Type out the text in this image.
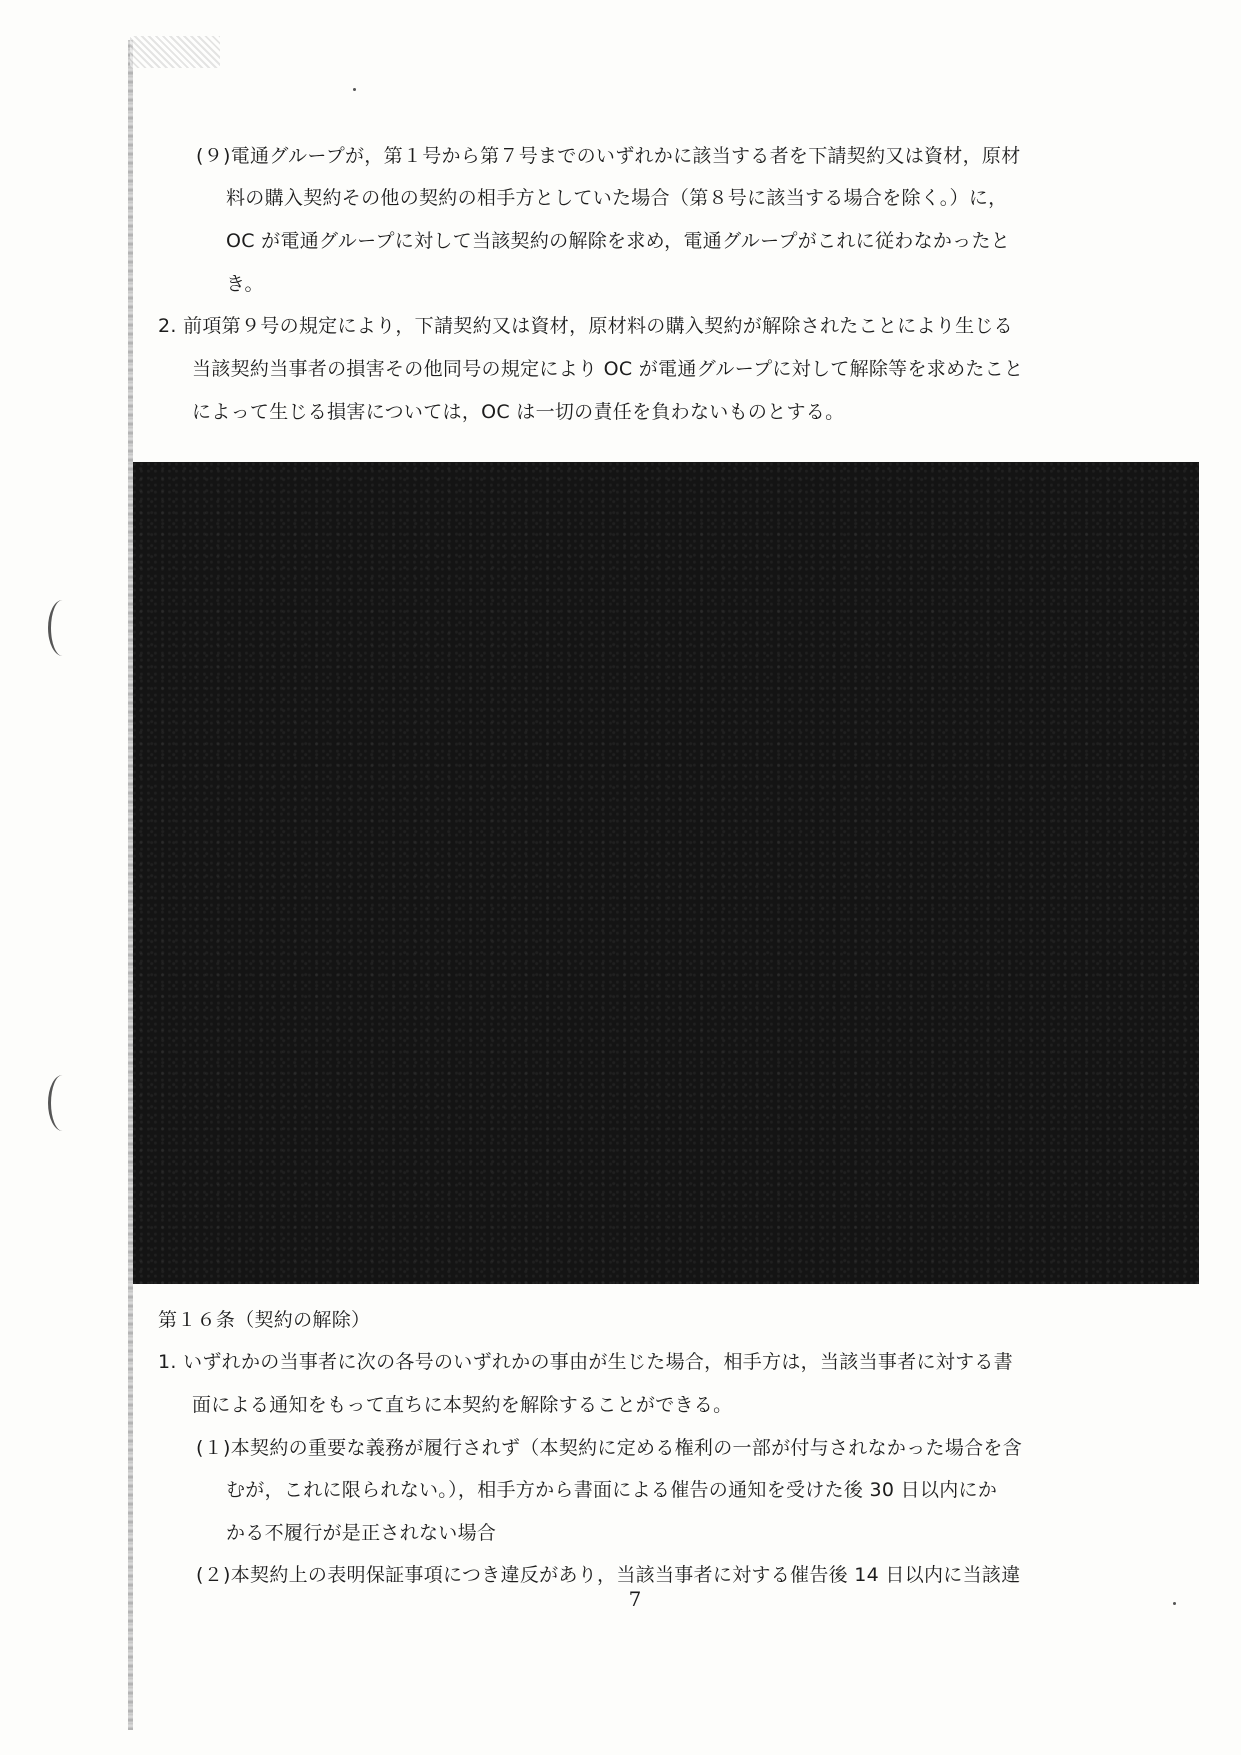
(９)電通グループが，第１号から第７号までのいずれかに該当する者を下請契約又は資材，原材
料の購入契約その他の契約の相手方としていた場合（第８号に該当する場合を除く。）に，
OC が電通グループに対して当該契約の解除を求め，電通グループがこれに従わなかったと
き。
2. 前項第９号の規定により，下請契約又は資材，原材料の購入契約が解除されたことにより生じる
当該契約当事者の損害その他同号の規定により OC が電通グループに対して解除等を求めたこと
によって生じる損害については，OC は一切の責任を負わないものとする。
第１６条（契約の解除）
1. いずれかの当事者に次の各号のいずれかの事由が生じた場合，相手方は，当該当事者に対する書
面による通知をもって直ちに本契約を解除することができる。
(１)本契約の重要な義務が履行されず（本契約に定める権利の一部が付与されなかった場合を含
むが，これに限られない。），相手方から書面による催告の通知を受けた後 30 日以内にか
かる不履行が是正されない場合
(２)本契約上の表明保証事項につき違反があり，当該当事者に対する催告後 14 日以内に当該違
7
